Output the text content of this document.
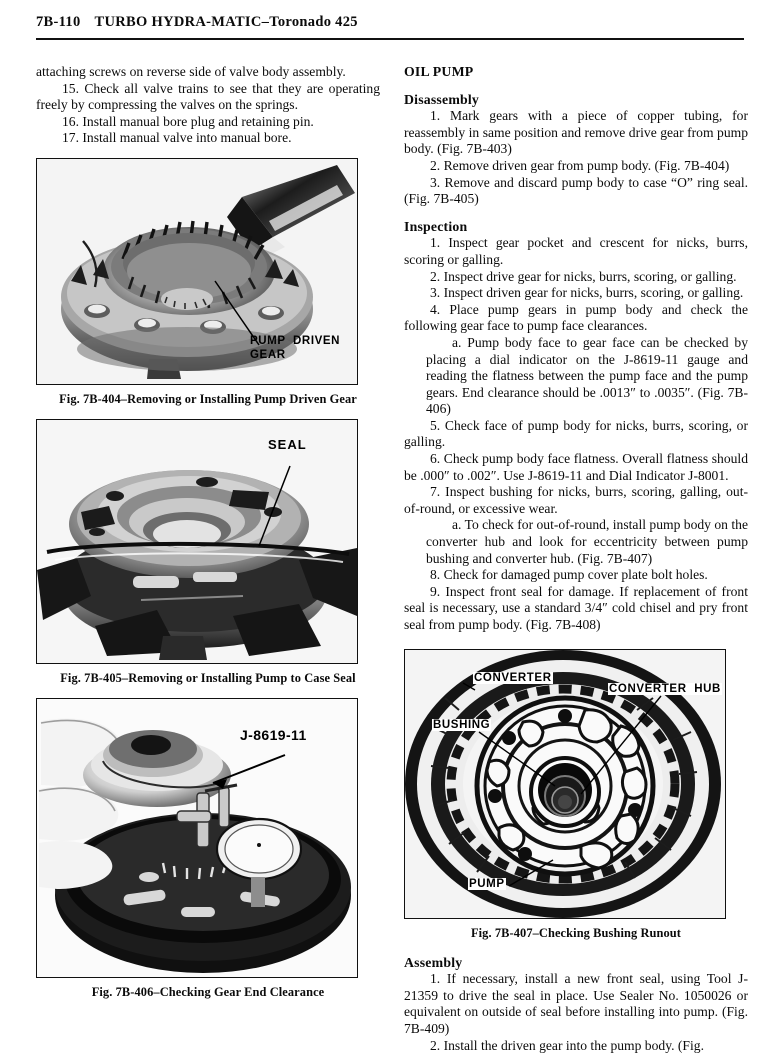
7B-110 TURBO HYDRA-MATIC–Toronado 425

attaching screws on reverse side of valve body assembly.

15. Check all valve trains to see that they are operating freely by compressing the valves on the springs.

16. Install manual bore plug and retaining pin.

17. Install manual valve into manual bore.

PUMP  DRIVEN
GEAR
Fig. 7B-404–Removing or Installing Pump Driven Gear
SEAL
Fig. 7B-405–Removing or Installing Pump to Case Seal
J-8619-11
Fig. 7B-406–Checking Gear End Clearance
OIL PUMP
Disassembly

1. Mark gears with a piece of copper tubing, for reassembly in same position and remove drive gear from pump body. (Fig. 7B-403)

2. Remove driven gear from pump body. (Fig. 7B-404)

3. Remove and discard pump body to case “O” ring seal. (Fig. 7B-405)

Inspection

1. Inspect gear pocket and crescent for nicks, burrs, scoring or galling.

2. Inspect drive gear for nicks, burrs, scoring, or galling.

3. Inspect driven gear for nicks, burrs, scoring, or galling.

4. Place pump gears in pump body and check the following gear face to pump face clearances.

a. Pump body face to gear face can be checked by placing a dial indicator on the J-8619-11 gauge and reading the flatness between the pump face and the pump gears. End clearance should be .0013″ to .0035″. (Fig. 7B-406)

5. Check face of pump body for nicks, burrs, scoring, or galling.

6. Check pump body face flatness. Overall flatness should be .000″ to .002″. Use J-8619-11 and Dial Indicator J-8001.

7. Inspect bushing for nicks, burrs, scoring, galling, out-of-round, or excessive wear.

a. To check for out-of-round, install pump body on the converter hub and look for eccentricity between pump bushing and converter hub. (Fig. 7B-407)

8. Check for damaged pump cover plate bolt holes.

9. Inspect front seal for damage. If replacement of front seal is necessary, use a standard 3/4″ cold chisel and pry front seal from pump body. (Fig. 7B-408)

CONVERTER
CONVERTER  HUB
BUSHING
PUMP
Fig. 7B-407–Checking Bushing Runout
Assembly

1. If necessary, install a new front seal, using Tool J-21359 to drive the seal in place. Use Sealer No. 1050026 or equivalent on outside of seal before installing into pump. (Fig. 7B-409)

2. Install the driven gear into the pump body. (Fig.
